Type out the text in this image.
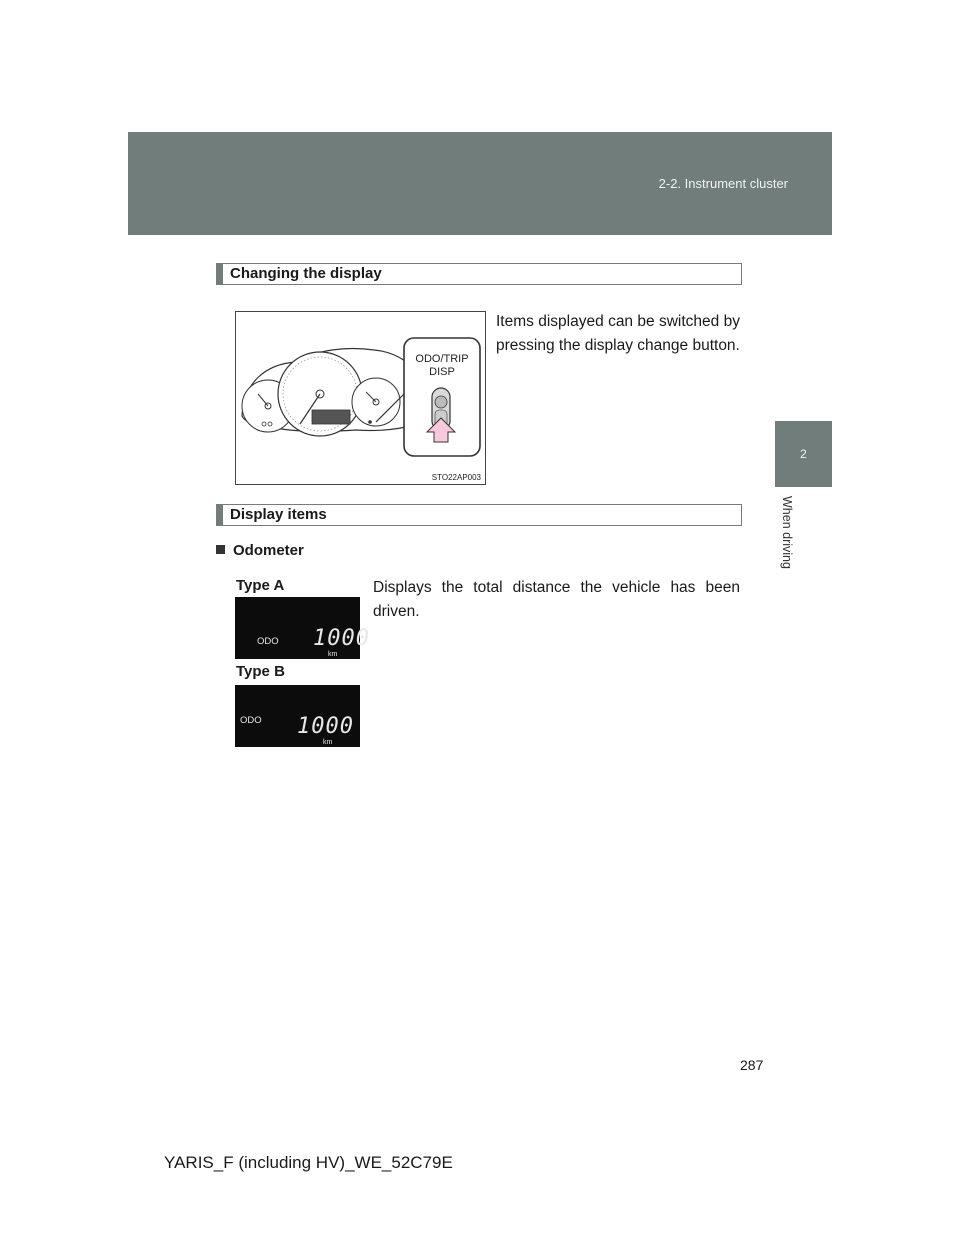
2-2. Instrument cluster
2
When driving
Changing the display
ODO/TRIP
DISP
STO22AP003
Items displayed can be switched by pressing the display change button.
Display items
Odometer
Type A	Displays the total distance the vehicle has been driven.
ODO 1000
km
Type B
ODO 1000
km
287
YARIS_F (including HV)_WE_52C79E
